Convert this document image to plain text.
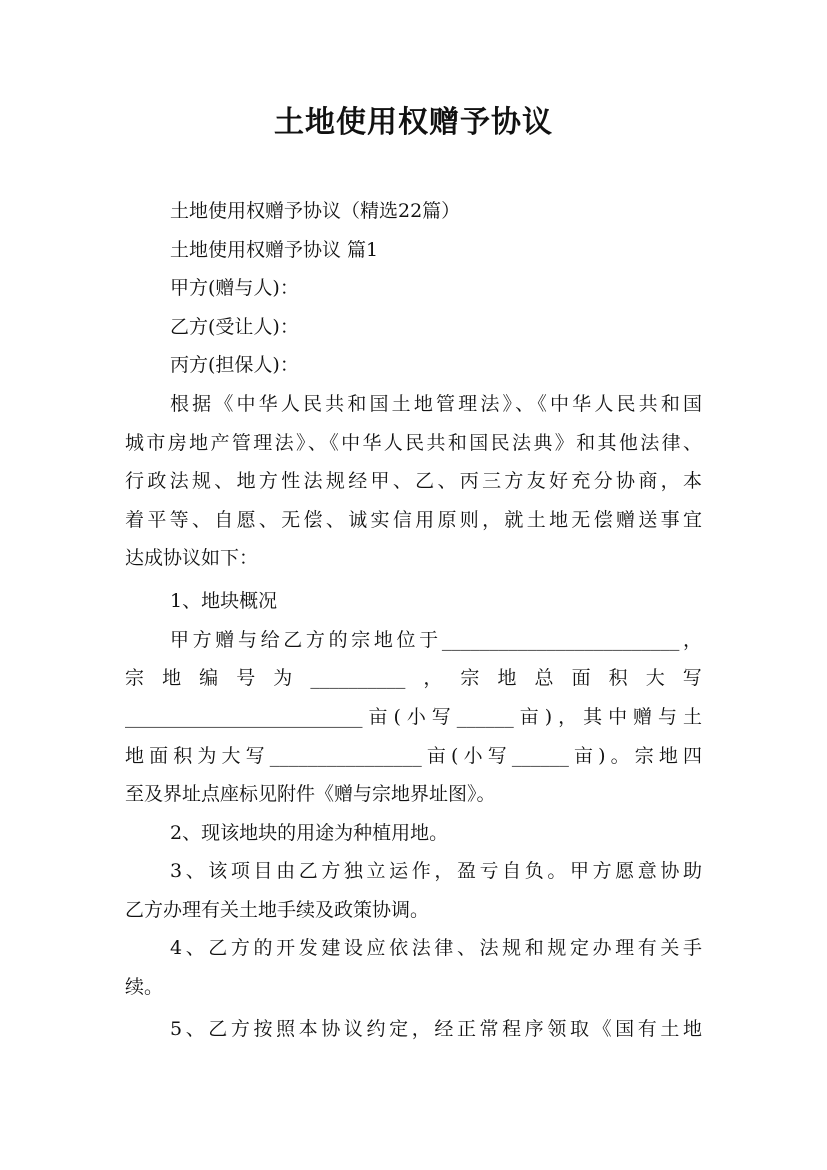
土地使用权赠予协议
土地使用权赠予协议（精选22篇）
土地使用权赠予协议 篇1
甲方(赠与人)：
乙方(受让人)：
丙方(担保人)：
根据《中华人民共和国土地管理法》、《中华人民共和国
城市房地产管理法》、《中华人民共和国民法典》和其他法律、
行政法规、地方性法规经甲、乙、丙三方友好充分协商，本
着平等、自愿、无偿、诚实信用原则，就土地无偿赠送事宜
达成协议如下：
1、地块概况
甲方赠与给乙方的宗地位于_________________________，
宗 地 编 号 为 __________ ， 宗 地 总 面 积 大 写
_________________________亩(小写______亩)，其中赠与土
地面积为大写________________亩(小写______亩)。宗地四
至及界址点座标见附件《赠与宗地界址图》。
2、现该地块的用途为种植用地。
3、该项目由乙方独立运作，盈亏自负。甲方愿意协助
乙方办理有关土地手续及政策协调。
4、乙方的开发建设应依法律、法规和规定办理有关手
续。
5、乙方按照本协议约定，经正常程序领取《国有土地
